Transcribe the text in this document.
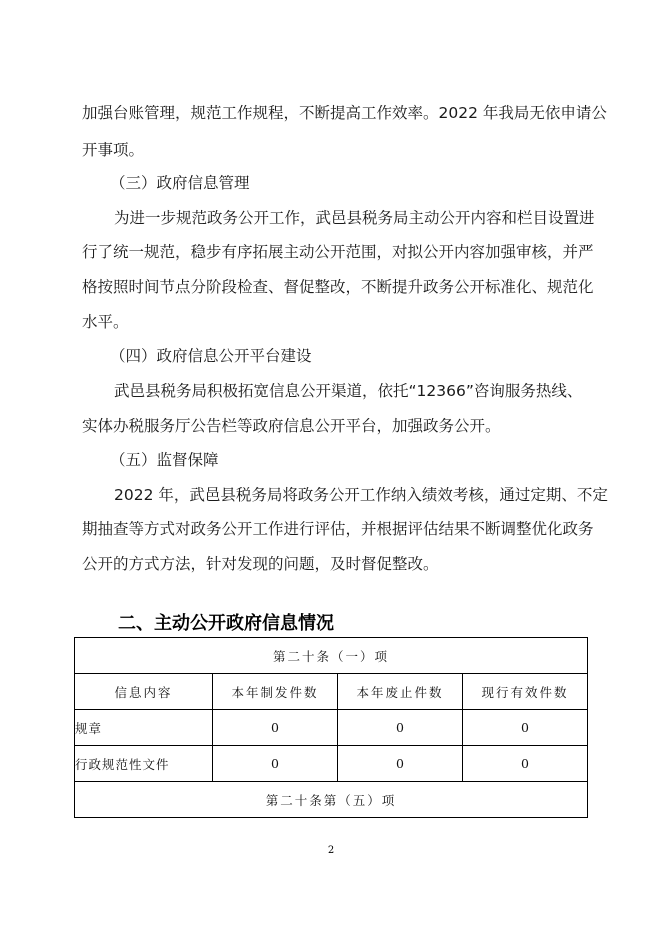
加强台账管理，规范工作规程，不断提高工作效率。2022 年我局无依申请公

开事项。

（三）政府信息管理

为进一步规范政务公开工作，武邑县税务局主动公开内容和栏目设置进

行了统一规范，稳步有序拓展主动公开范围，对拟公开内容加强审核，并严

格按照时间节点分阶段检查、督促整改，不断提升政务公开标准化、规范化

水平。

（四）政府信息公开平台建设

武邑县税务局积极拓宽信息公开渠道，依托“12366”咨询服务热线、

实体办税服务厅公告栏等政府信息公开平台，加强政务公开。

（五）监督保障

2022 年，武邑县税务局将政务公开工作纳入绩效考核，通过定期、不定

期抽查等方式对政务公开工作进行评估，并根据评估结果不断调整优化政务

公开的方式方法，针对发现的问题，及时督促整改。

二、主动公开政府信息情况
第二十条（一）项			
信息内容	本年制发件数	本年废止件数	现行有效件数
规章	0	0	0
行政规范性文件	0	0	0
第二十条第（五）项			
2
